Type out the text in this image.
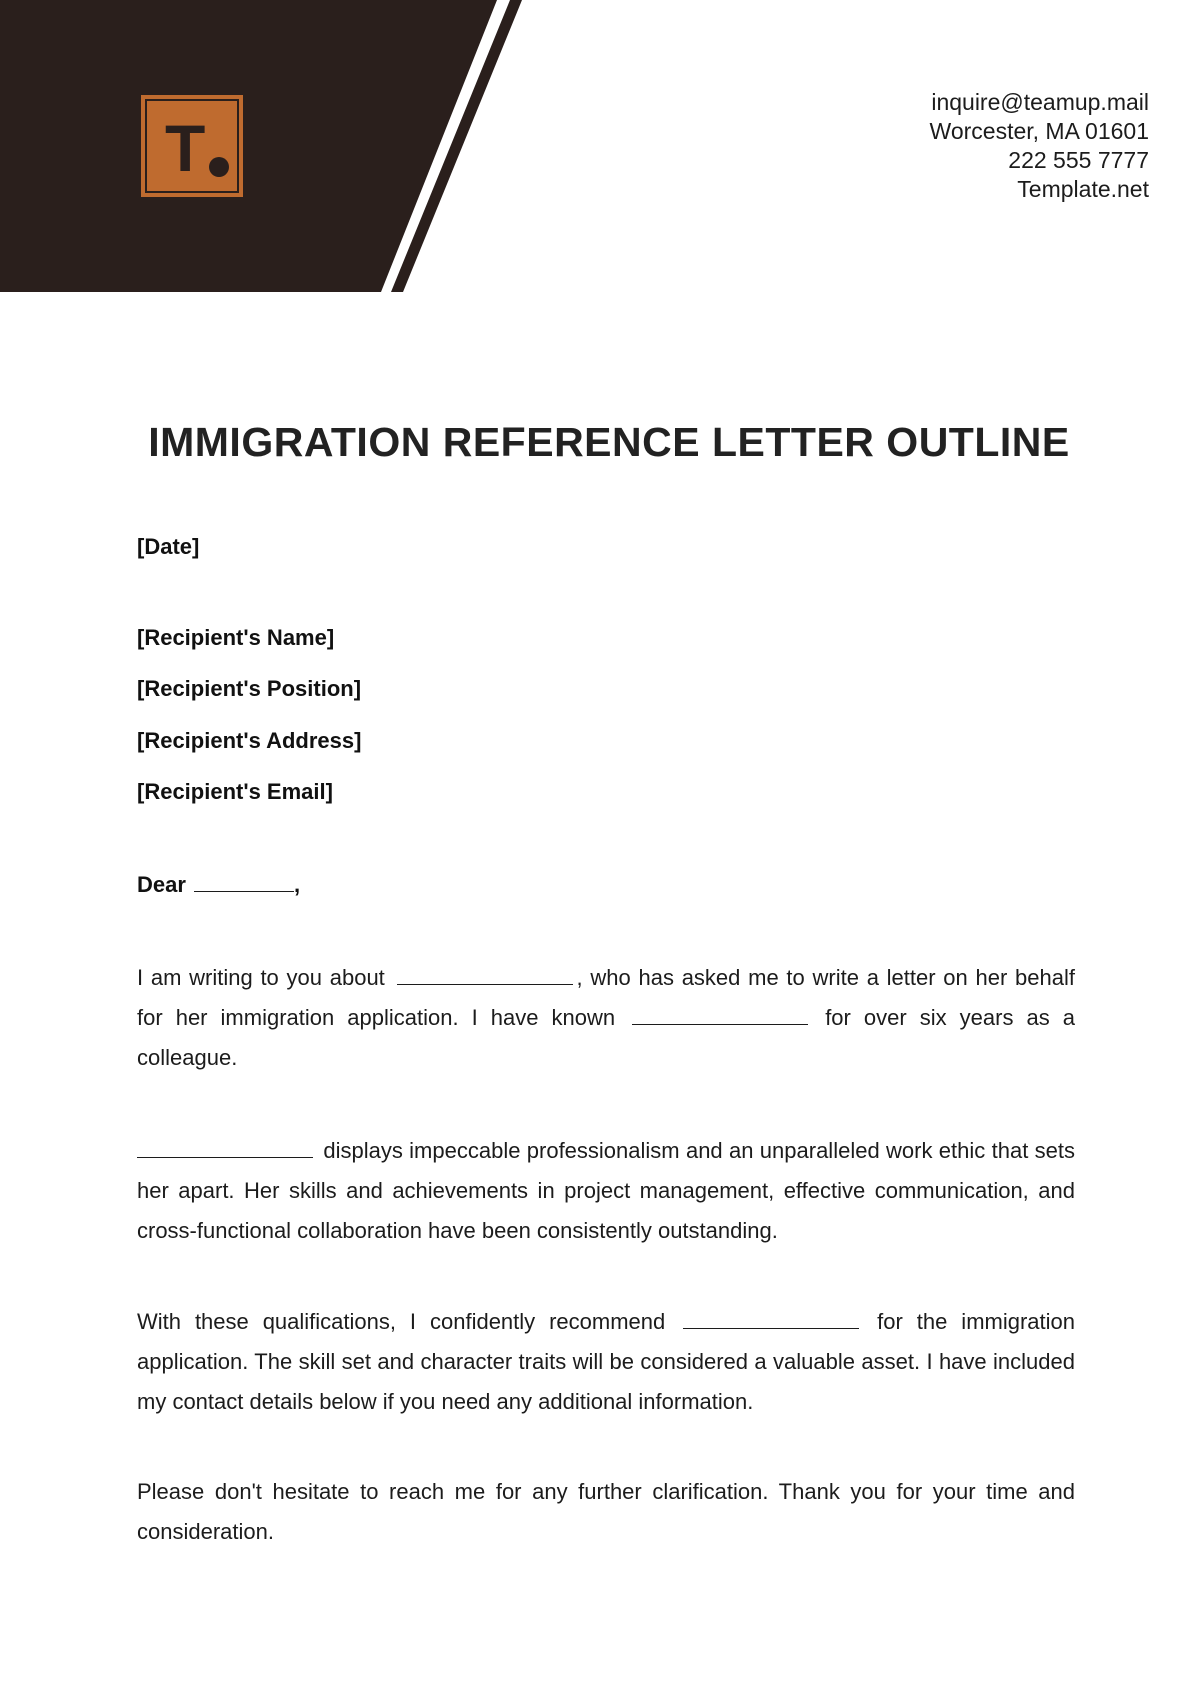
T
inquire@teamup.mail
Worcester, MA 01601
222 555 7777
Template.net
IMMIGRATION REFERENCE LETTER OUTLINE
[Date]
[Recipient's Name]
[Recipient's Position]
[Recipient's Address]
[Recipient's Email]
Dear	,

I am writing to you about	, who has asked me to write a letter on her behalf for her immigration application. I have known	for over six years as a colleague.

displays impeccable professionalism and an unparalleled work ethic that sets her apart. Her skills and achievements in project management, effective communication, and cross-functional collaboration have been consistently outstanding.

With these qualifications, I confidently recommend	for the immigration application. The skill set and character traits will be considered a valuable asset. I have included my contact details below if you need any additional information.

Please don't hesitate to reach me for any further clarification. Thank you for your time and consideration.
